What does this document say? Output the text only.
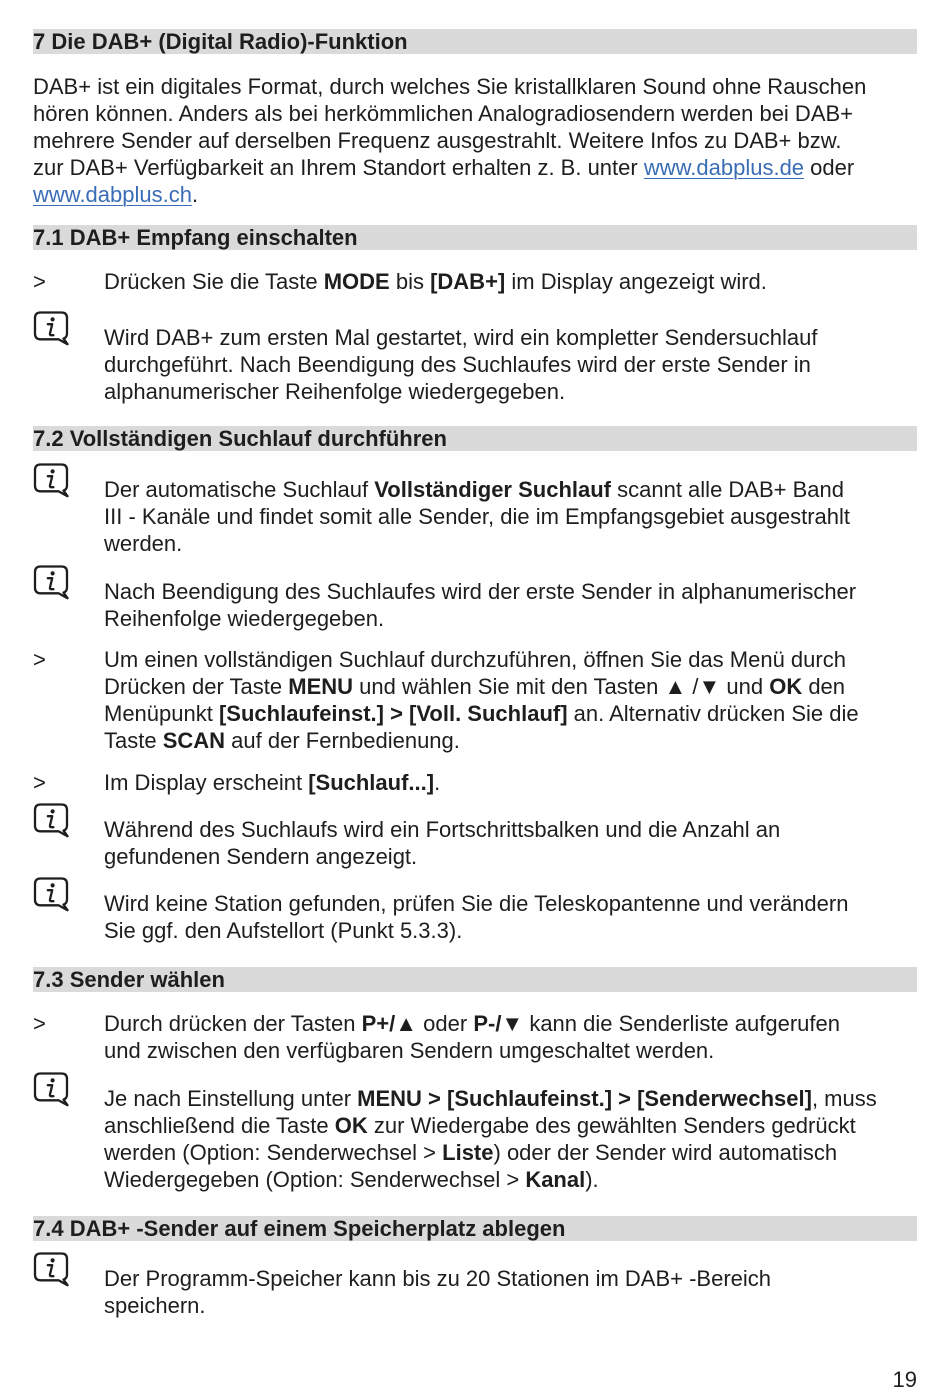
7 Die DAB+ (Digital Radio)-Funktion

DAB+ ist ein digitales Format, durch welches Sie kristallklaren Sound ohne Rauschen
hören können. Anders als bei herkömmlichen Analogradiosendern werden bei DAB+
mehrere Sender auf derselben Frequenz ausgestrahlt. Weitere Infos zu DAB+ bzw.
zur DAB+ Verfügbarkeit an Ihrem Standort erhalten z. B. unter www.dabplus.de oder
www.dabplus.ch.

7.1 DAB+ Empfang einschalten
>	Drücken Sie die Taste MODE bis [DAB+] im Display angezeigt wird.

Wird DAB+ zum ersten Mal gestartet, wird ein kompletter Sendersuchlauf
durchgeführt. Nach Beendigung des Suchlaufes wird der erste Sender in
alphanumerischer Reihenfolge wiedergegeben.

7.2 Vollständigen Suchlauf durchführen

Der automatische Suchlauf Vollständiger Suchlauf scannt alle DAB+ Band
III - Kanäle und findet somit alle Sender, die im Empfangsgebiet ausgestrahlt
werden.

Nach Beendigung des Suchlaufes wird der erste Sender in alphanumerischer
Reihenfolge wiedergegeben.

>	Um einen vollständigen Suchlauf durchzuführen, öffnen Sie das Menü durch
Drücken der Taste MENU und wählen Sie mit den Tasten ▲ /▼ und OK den
Menüpunkt [Suchlaufeinst.] > [Voll. Suchlauf] an. Alternativ drücken Sie die
Taste SCAN auf der Fernbedienung.

>	Im Display erscheint [Suchlauf...].

Während des Suchlaufs wird ein Fortschrittsbalken und die Anzahl an
gefundenen Sendern angezeigt.

Wird keine Station gefunden, prüfen Sie die Teleskopantenne und verändern
Sie ggf. den Aufstellort (Punkt 5.3.3).

7.3 Sender wählen
>	Durch drücken der Tasten P+/▲ oder P-/▼ kann die Senderliste aufgerufen
und zwischen den verfügbaren Sendern umgeschaltet werden.

Je nach Einstellung unter MENU > [Suchlaufeinst.] > [Senderwechsel], muss
anschließend die Taste OK zur Wiedergabe des gewählten Senders gedrückt
werden (Option: Senderwechsel > Liste) oder der Sender wird automatisch
Wiedergegeben (Option: Senderwechsel > Kanal).

7.4 DAB+ -Sender auf einem Speicherplatz ablegen

Der Programm-Speicher kann bis zu 20 Stationen im DAB+ -Bereich
speichern.

19
